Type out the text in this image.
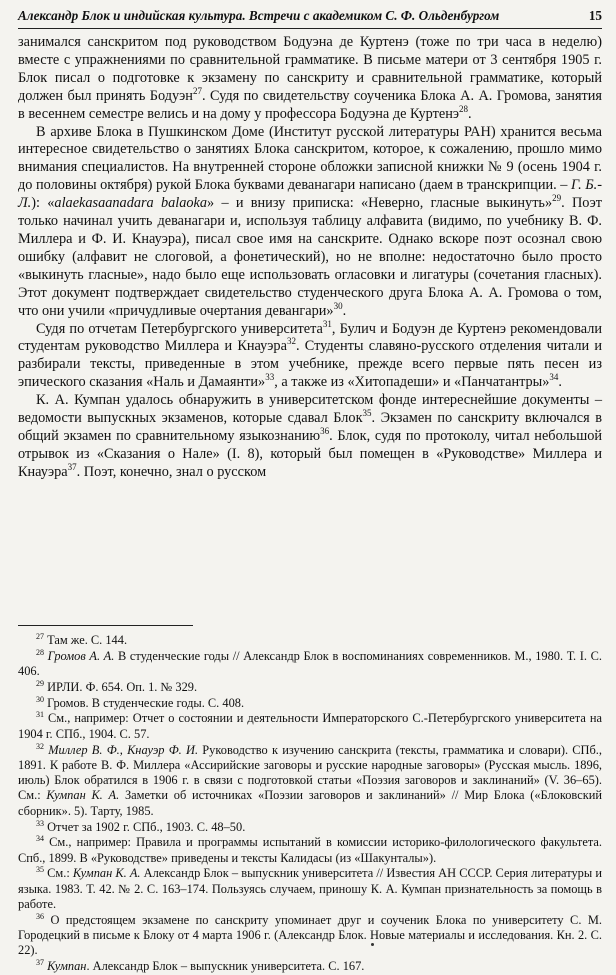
Александр Блок и индийская культура. Встречи с академиком С. Ф. Ольденбургом	15

занимался санскритом под руководством Бодуэна де Куртенэ (тоже по три часа в неделю) вместе с упражнениями по сравнительной грамматике. В письме матери от 3 сентября 1905 г. Блок писал о подготовке к экзамену по санскриту и сравнительной грамматике, который должен был принять Бодуэн$^{27}$. Судя по свидетельству соученика Блока А. А. Громова, занятия в весеннем семестре велись и на дому у профессора Бодуэна де Куртенэ$^{28}$.

В архиве Блока в Пушкинском Доме (Институт русской литературы РАН) хранится весьма интересное свидетельство о занятиях Блока санскритом, которое, к сожалению, прошло мимо внимания специалистов. На внутренней стороне обложки записной книжки № 9 (осень 1904 г. до половины октября) рукой Блока буквами деванагари написано (даем в транскрипции. – Г. Б.-Л.): «alaekasaanadara balaoka» – и внизу приписка: «Неверно, гласные выкинуть»$^{29}$. Поэт только начинал учить деванагари и, используя таблицу алфавита (видимо, по учебнику В. Ф. Миллера и Ф. И. Кнауэра), писал свое имя на санскрите. Однако вскоре поэт осознал свою ошибку (алфавит не слоговой, а фонетический), но не вполне: недостаточно было просто «выкинуть гласные», надо было еще использовать огласовки и лигатуры (сочетания гласных). Этот документ подтверждает свидетельство студенческого друга Блока А. А. Громова о том, что они учили «причудливые очертания девангари»$^{30}$.

Судя по отчетам Петербургского университета$^{31}$, Булич и Бодуэн де Куртенэ рекомендовали студентам руководство Миллера и Кнауэра$^{32}$. Студенты славяно-русского отделения читали и разбирали тексты, приведенные в этом учебнике, прежде всего первые пять песен из эпического сказания «Наль и Дамаянти»$^{33}$, а также из «Хитопадеши» и «Панчатантры»$^{34}$.

К. А. Кумпан удалось обнаружить в университетском фонде интереснейшие документы – ведомости выпускных экзаменов, которые сдавал Блок$^{35}$. Экзамен по санскриту включался в общий экзамен по сравнительному языкознанию$^{36}$. Блок, судя по протоколу, читал небольшой отрывок из «Сказания о Нале» (I. 8), который был помещен в «Руководстве» Миллера и Кнауэра$^{37}$. Поэт, конечно, знал о русском

$^{27}$ Там же. С. 144.

$^{28}$ Громов А. А. В студенческие годы // Александр Блок в воспоминаниях современников. М., 1980. Т. I. С. 406.

$^{29}$ ИРЛИ. Ф. 654. Оп. 1. № 329.

$^{30}$ Громов. В студенческие годы. С. 408.

$^{31}$ См., например: Отчет о состоянии и деятельности Императорского С.-Петербургского университета на 1904 г. СПб., 1904. С. 57.

$^{32}$ Миллер В. Ф., Кнауэр Ф. И. Руководство к изучению санскрита (тексты, грамматика и словари). СПб., 1891. К работе В. Ф. Миллера «Ассирийские заговоры и русские народные заговоры» (Русская мысль. 1896, июль) Блок обратился в 1906 г. в связи с подготовкой статьи «Поэзия заговоров и заклинаний» (V. 36–65). См.: Кумпан К. А. Заметки об источниках «Поэзии заговоров и заклинаний» // Мир Блока («Блоковский сборник». 5). Тарту, 1985.

$^{33}$ Отчет за 1902 г. СПб., 1903. С. 48–50.

$^{34}$ См., например: Правила и программы испытаний в комиссии историко-филологического факультета. Спб., 1899. В «Руководстве» приведены и тексты Калидасы (из «Шакунталы»).

$^{35}$ См.: Кумпан К. А. Александр Блок – выпускник университета // Известия АН СССР. Серия литературы и языка. 1983. Т. 42. № 2. С. 163–174. Пользуясь случаем, приношу К. А. Кумпан признательность за помощь в работе.

$^{36}$ О предстоящем экзамене по санскриту упоминает друг и соученик Блока по университету С. М. Городецкий в письме к Блоку от 4 марта 1906 г. (Александр Блок. Новые материалы и исследования. Кн. 2. С. 22).

$^{37}$ Кумпан. Александр Блок – выпускник университета. С. 167.
